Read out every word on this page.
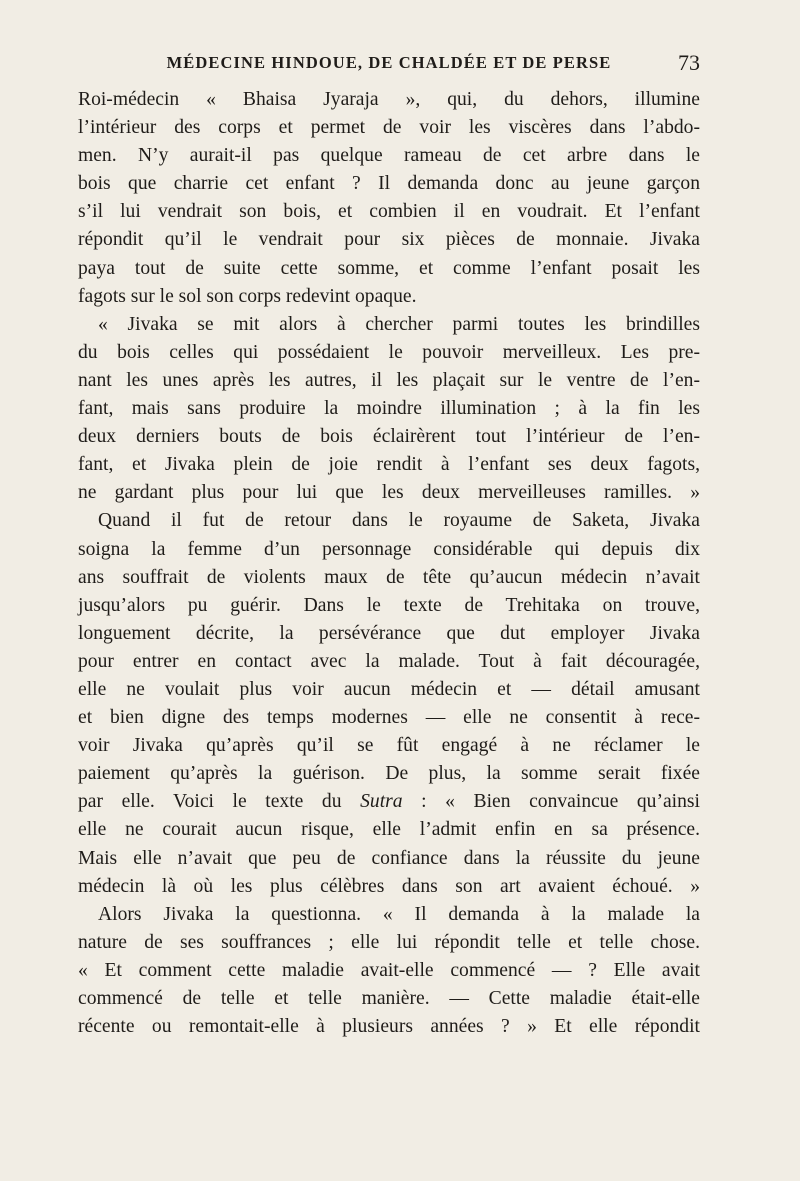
MÉDECINE HINDOUE, DE CHALDÉE ET DE PERSE	73
Roi-médecin « Bhaisa Jyaraja », qui, du dehors, illumine
l’intérieur des corps et permet de voir les viscères dans l’abdo-
men. N’y aurait-il pas quelque rameau de cet arbre dans le
bois que charrie cet enfant ? Il demanda donc au jeune garçon
s’il lui vendrait son bois, et combien il en voudrait. Et l’enfant
répondit qu’il le vendrait pour six pièces de monnaie. Jivaka
paya tout de suite cette somme, et comme l’enfant posait les
fagots sur le sol son corps redevint opaque.
« Jivaka se mit alors à chercher parmi toutes les brindilles
du bois celles qui possédaient le pouvoir merveilleux. Les pre-
nant les unes après les autres, il les plaçait sur le ventre de l’en-
fant, mais sans produire la moindre illumination ; à la fin les
deux derniers bouts de bois éclairèrent tout l’intérieur de l’en-
fant, et Jivaka plein de joie rendit à l’enfant ses deux fagots,
ne gardant plus pour lui que les deux merveilleuses ramilles. »
Quand il fut de retour dans le royaume de Saketa, Jivaka
soigna la femme d’un personnage considérable qui depuis dix
ans souffrait de violents maux de tête qu’aucun médecin n’avait
jusqu’alors pu guérir. Dans le texte de Trehitaka on trouve,
longuement décrite, la persévérance que dut employer Jivaka
pour entrer en contact avec la malade. Tout à fait découragée,
elle ne voulait plus voir aucun médecin et — détail amusant
et bien digne des temps modernes — elle ne consentit à rece-
voir Jivaka qu’après qu’il se fût engagé à ne réclamer le
paiement qu’après la guérison. De plus, la somme serait fixée
par elle. Voici le texte du Sutra : « Bien convaincue qu’ainsi
elle ne courait aucun risque, elle l’admit enfin en sa présence.
Mais elle n’avait que peu de confiance dans la réussite du jeune
médecin là où les plus célèbres dans son art avaient échoué. »
Alors Jivaka la questionna. « Il demanda à la malade la
nature de ses souffrances ; elle lui répondit telle et telle chose.
« Et comment cette maladie avait-elle commencé — ? Elle avait
commencé de telle et telle manière. — Cette maladie était-elle
récente ou remontait-elle à plusieurs années ? » Et elle répondit
